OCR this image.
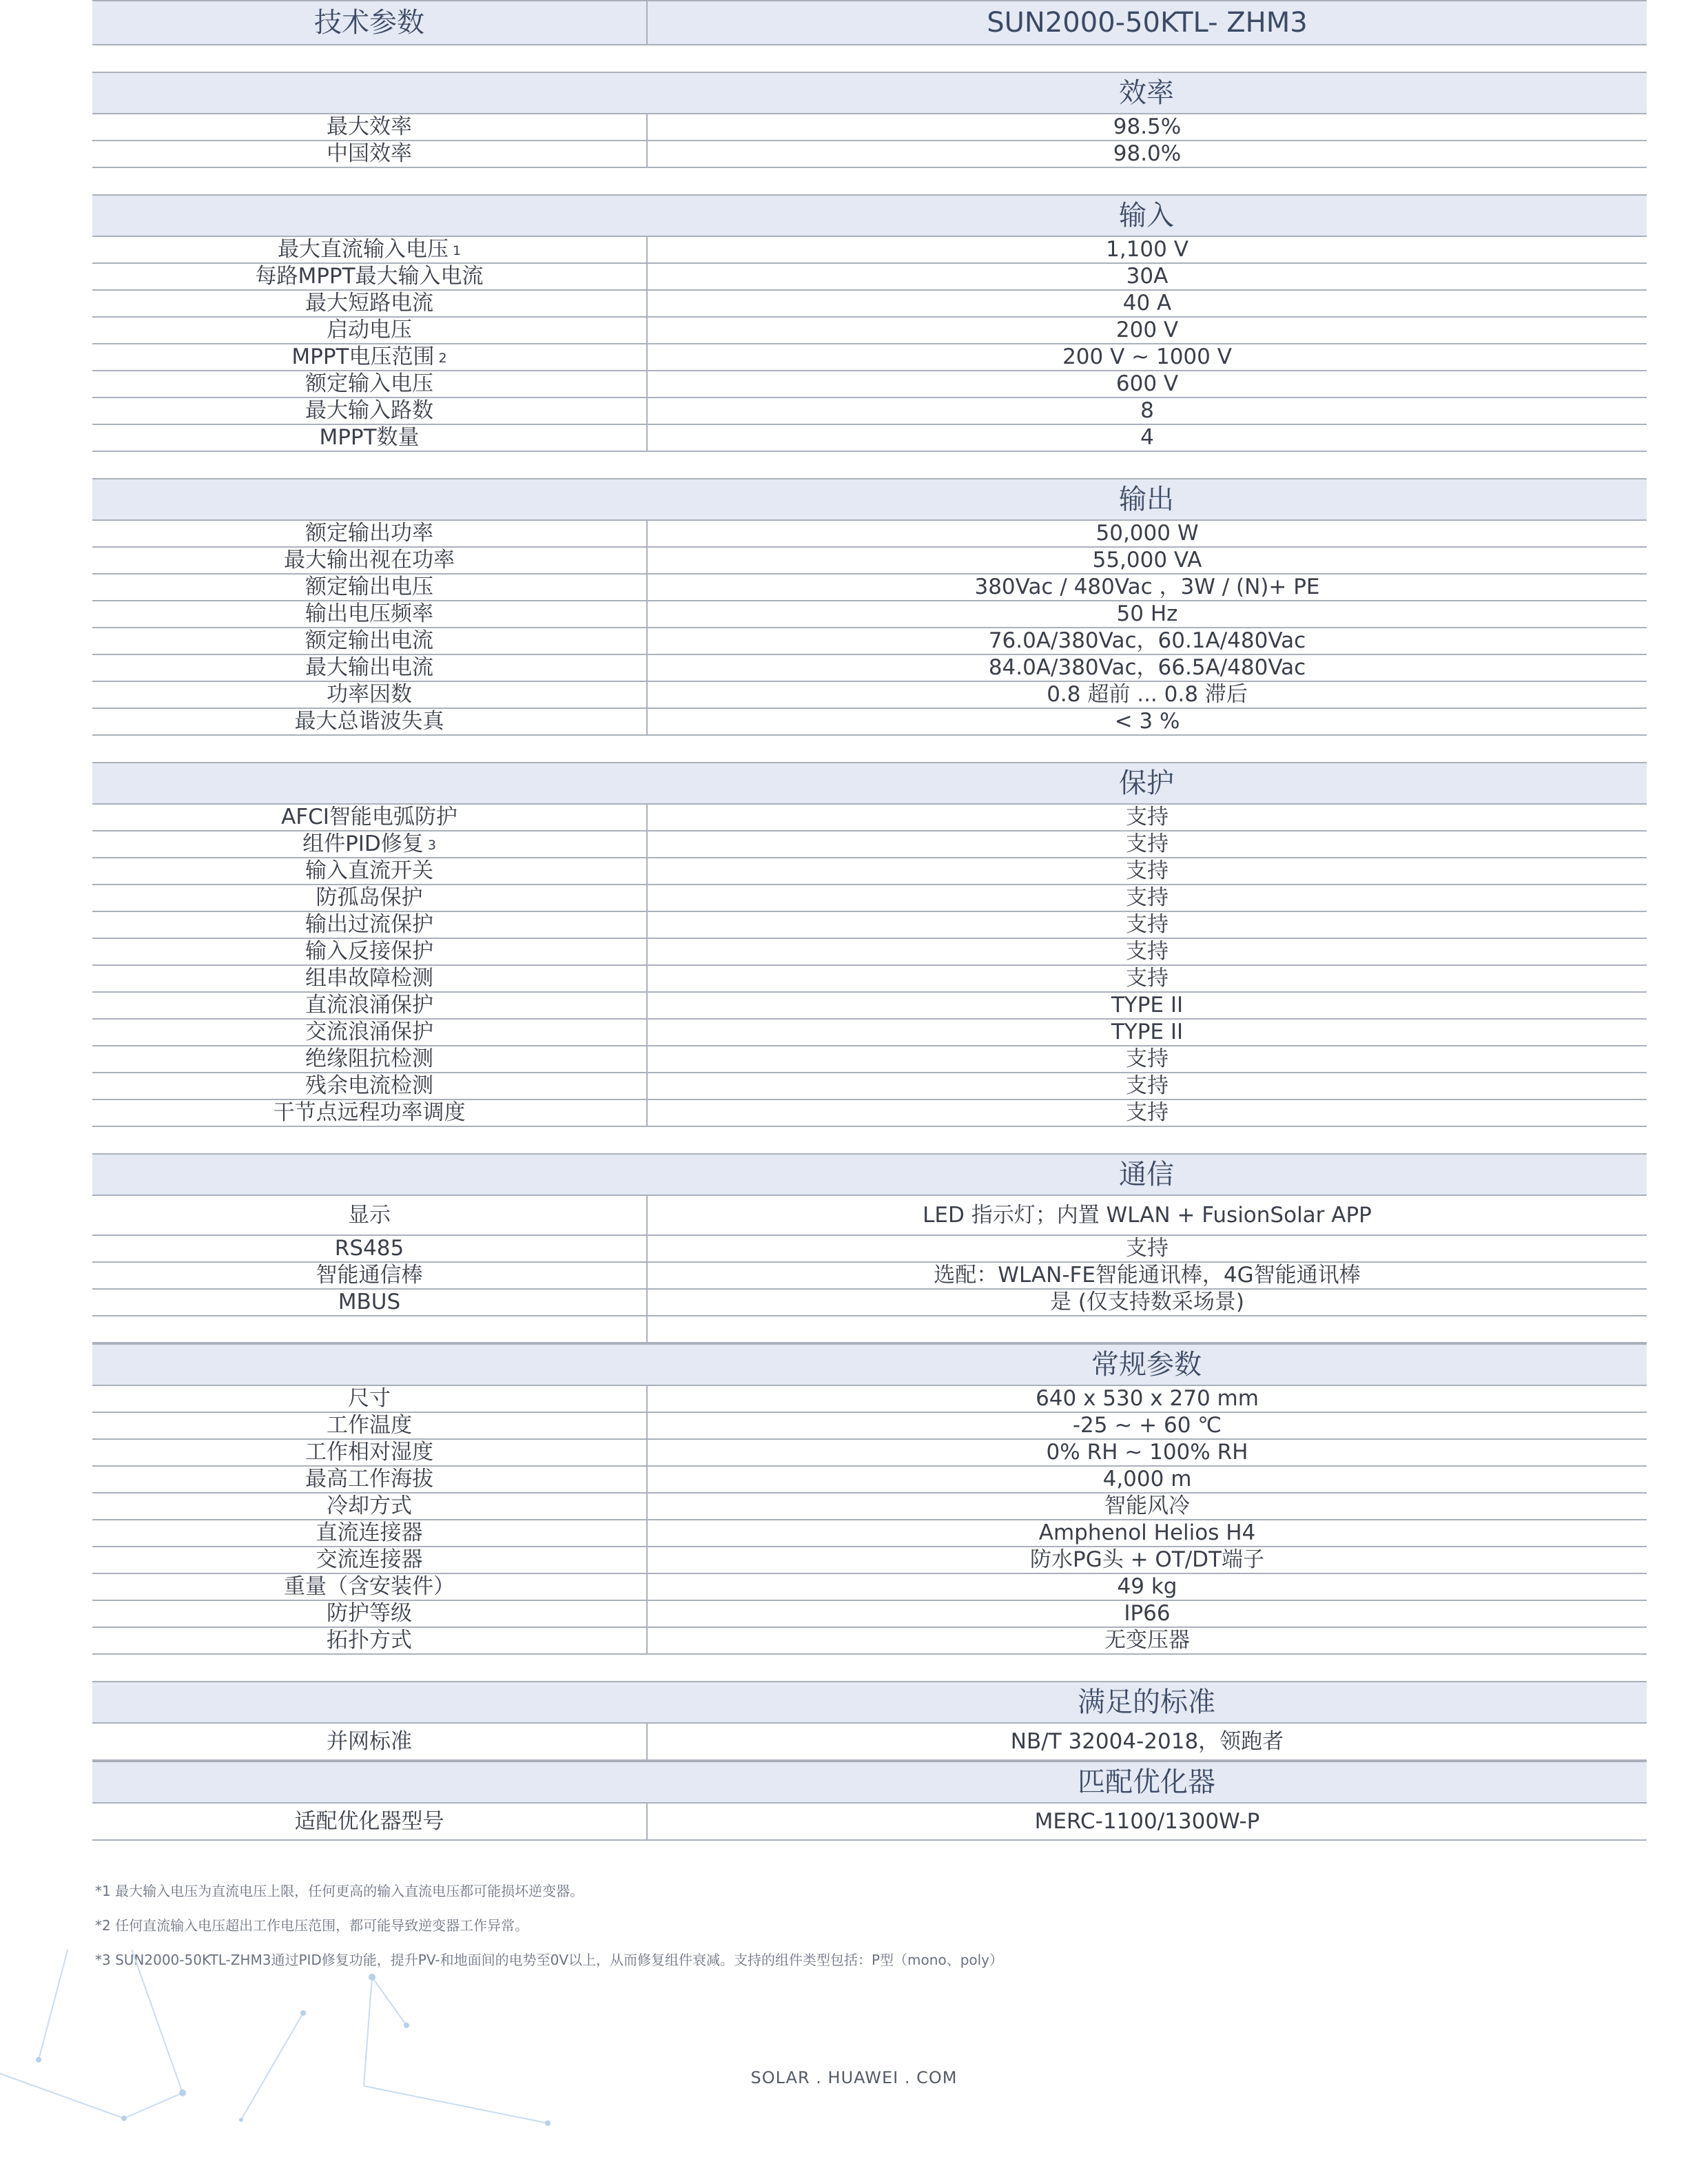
技术参数	SUN2000-50KTL- ZHM3
效率
最大效率	98.5%
中国效率	98.0%
输入
最大直流输入电压 $^1$	1,100 V
每路MPPT最大输入电流	30A
最大短路电流	40 A
启动电压	200 V
MPPT电压范围 $^2$	200 V ~ 1000 V
额定输入电压	600 V
最大输入路数	8
MPPT数量	4
输出
额定输出功率	50,000 W
最大输出视在功率	55,000 VA
额定输出电压	380Vac / 480Vac ，3W / (N)+ PE
输出电压频率	50 Hz
额定输出电流	76.0A/380Vac，60.1A/480Vac
最大输出电流	84.0A/380Vac，66.5A/480Vac
功率因数	0.8 超前 ... 0.8 滞后
最大总谐波失真	< 3 %
保护
AFCI智能电弧防护	支持
组件PID修复 $^3$	支持
输入直流开关	支持
防孤岛保护	支持
输出过流保护	支持
输入反接保护	支持
组串故障检测	支持
直流浪涌保护	TYPE II
交流浪涌保护	TYPE II
绝缘阻抗检测	支持
残余电流检测	支持
干节点远程功率调度	支持
通信
显示	LED 指示灯；内置 WLAN + FusionSolar APP
RS485	支持
智能通信棒	选配：WLAN-FE智能通讯棒，4G智能通讯棒
MBUS	是 (仅支持数采场景)
常规参数
尺寸	640 x 530 x 270 mm
工作温度	-25 ~ + 60 ℃
工作相对湿度	0% RH ~ 100% RH
最高工作海拔	4,000 m
冷却方式	智能风冷
直流连接器	Amphenol Helios H4
交流连接器	防水PG头 + OT/DT端子
重量（含安装件）	49 kg
防护等级	IP66
拓扑方式	无变压器
满足的标准
并网标准	NB/T 32004-2018，领跑者
匹配优化器
适配优化器型号	MERC-1100/1300W-P
*1 最大输入电压为直流电压上限，任何更高的输入直流电压都可能损坏逆变器。
*2 任何直流输入电压超出工作电压范围，都可能导致逆变器工作异常。
*3 SUN2000-50KTL-ZHM3通过PID修复功能，提升PV-和地面间的电势至0V以上，从而修复组件衰减。支持的组件类型包括：P型（mono、poly）
SOLAR . HUAWEI . COM
